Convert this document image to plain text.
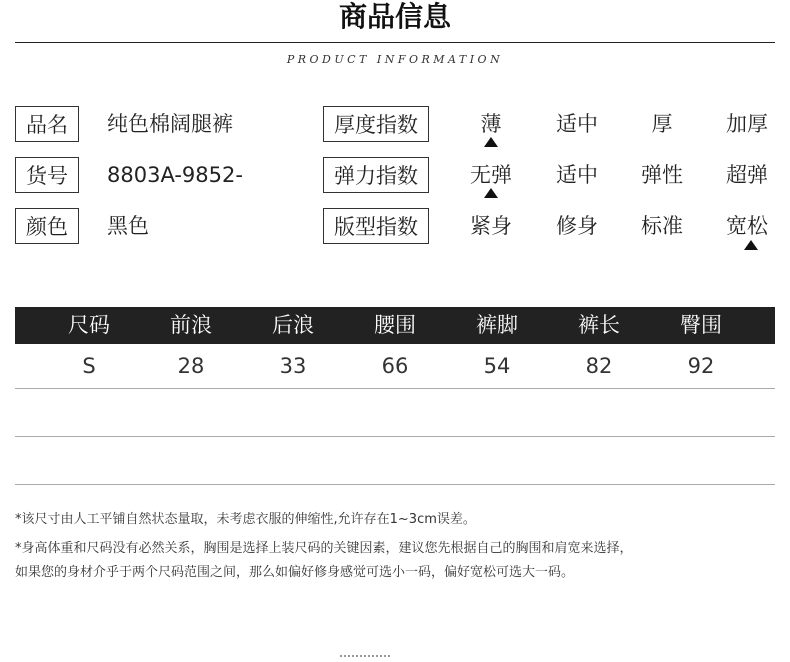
商品信息
PRODUCT INFORMATION
品名	纯色棉阔腿裤
货号	8803A-9852-
颜色	黑色
厚度指数	薄	适中	厚	加厚
弹力指数	无弹	适中	弹性	超弹
版型指数	紧身	修身	标准	宽松
尺码	前浪	后浪	腰围	裤脚	裤长	臀围
S	28	33	66	54	82	92
*该尺寸由人工平铺自然状态量取，未考虑衣服的伸缩性,允许存在1~3cm误差。
*身高体重和尺码没有必然关系，胸围是选择上装尺码的关键因素，建议您先根据自己的胸围和肩宽来选择，
如果您的身材介乎于两个尺码范围之间，那么如偏好修身感觉可选小一码，偏好宽松可选大一码。
